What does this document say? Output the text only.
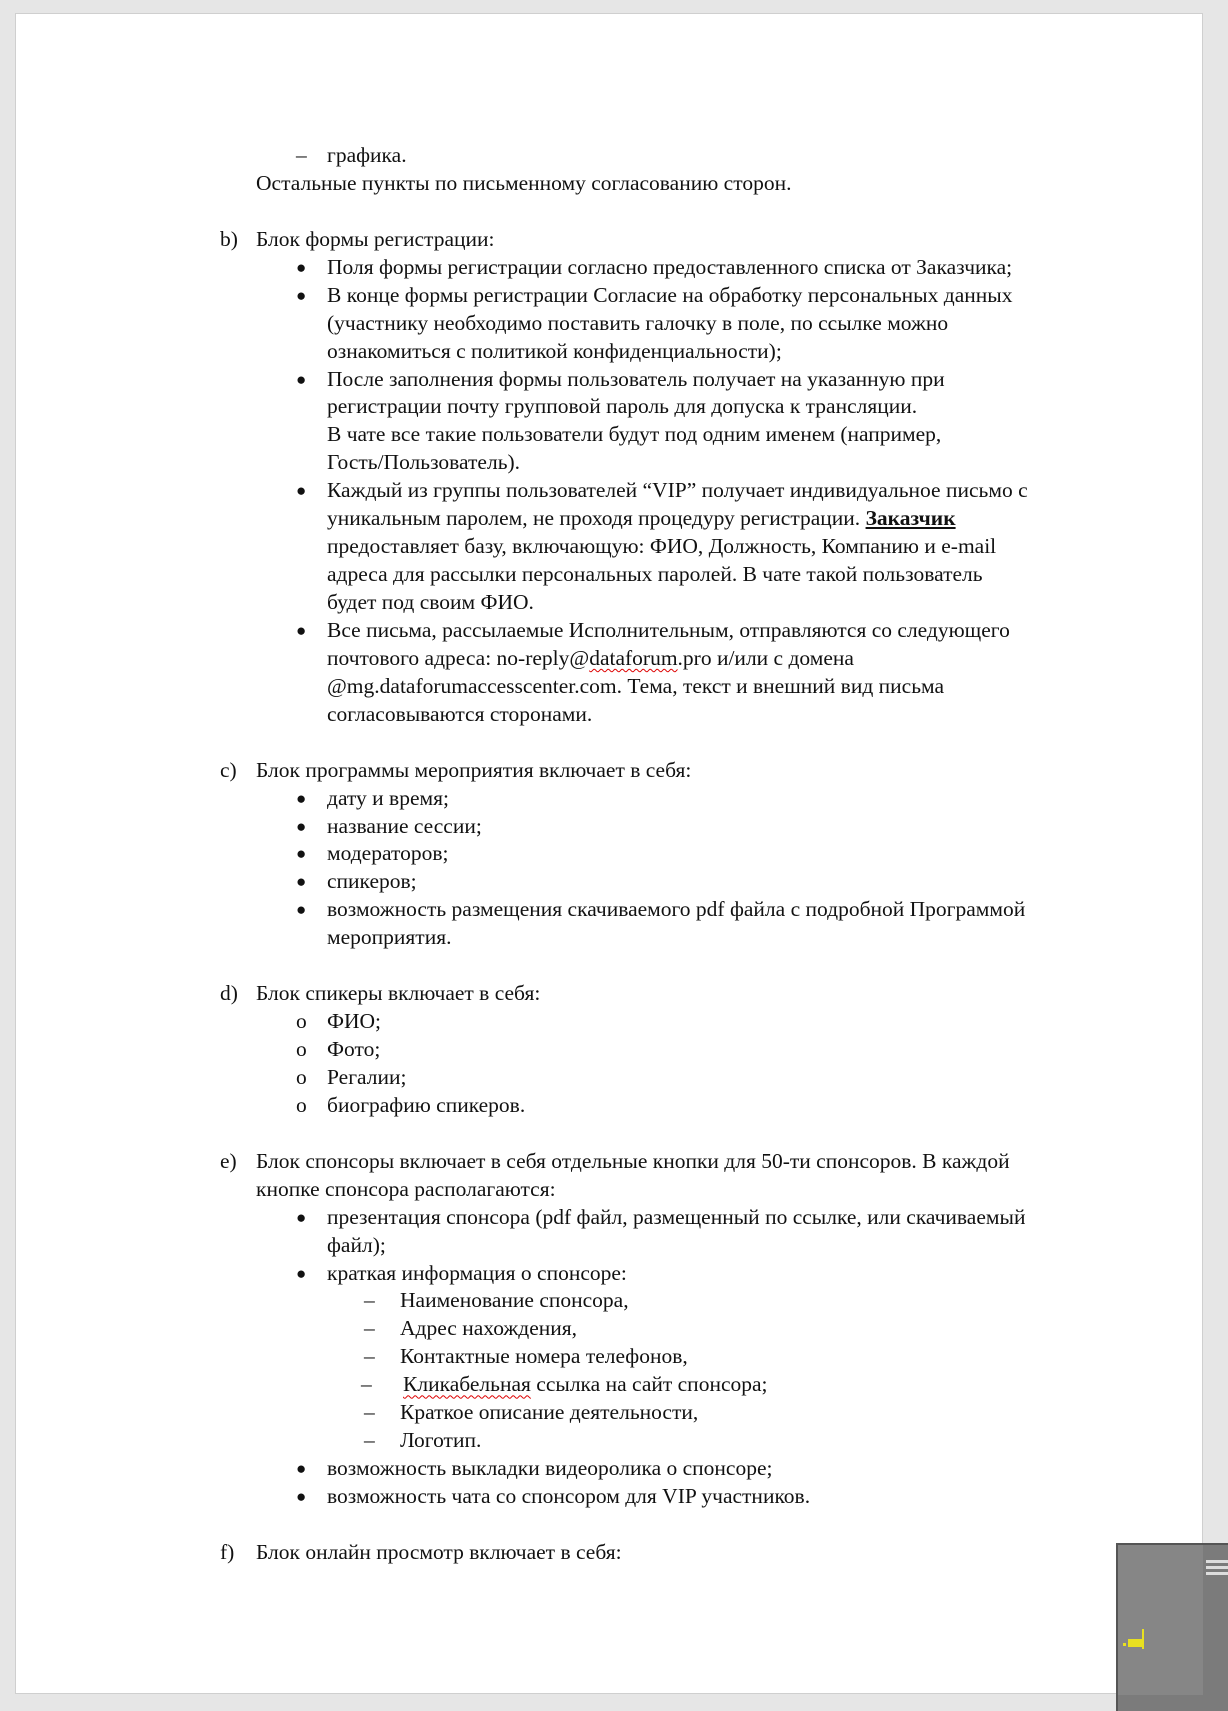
– графика.
Остальные пункты по письменному согласованию сторон.
b) Блок формы регистрации:
● Поля формы регистрации согласно предоставленного списка от Заказчика;
● В конце формы регистрации Согласие на обработку персональных данных
(участнику необходимо поставить галочку в поле, по ссылке можно
ознакомиться с политикой конфиденциальности);
● После заполнения формы пользователь получает на указанную при
регистрации почту групповой пароль для допуска к трансляции.
В чате все такие пользователи будут под одним именем (например,
Гость/Пользователь).
● Каждый из группы пользователей “VIP” получает индивидуальное письмо с
уникальным паролем, не проходя процедуру регистрации. Заказчик
предоставляет базу, включающую: ФИО, Должность, Компанию и e-mail
адреса для рассылки персональных паролей. В чате такой пользователь
будет под своим ФИО.
● Все письма, рассылаемые Исполнительным, отправляются со следующего
почтового адреса: no-reply@dataforum.pro и/или с домена
@mg.dataforumaccesscenter.com. Тема, текст и внешний вид письма
согласовываются сторонами.
c) Блок программы мероприятия включает в себя:
● дату и время;
● название сессии;
● модераторов;
● спикеров;
● возможность размещения скачиваемого pdf файла с подробной Программой
мероприятия.
d) Блок спикеры включает в себя:
o ФИО;
o Фото;
o Регалии;
o биографию спикеров.
e) Блок спонсоры включает в себя отдельные кнопки для 50-ти спонсоров. В каждой
кнопке спонсора располагаются:
● презентация спонсора (pdf файл, размещенный по ссылке, или скачиваемый
файл);
● краткая информация о спонсоре:
– Наименование спонсора,
– Адрес нахождения,
– Контактные номера телефонов,
– Кликабельная ссылка на сайт спонсора;
– Краткое описание деятельности,
– Логотип.
● возможность выкладки видеоролика о спонсоре;
● возможность чата со спонсором для VIP участников.
f) Блок онлайн просмотр включает в себя:
